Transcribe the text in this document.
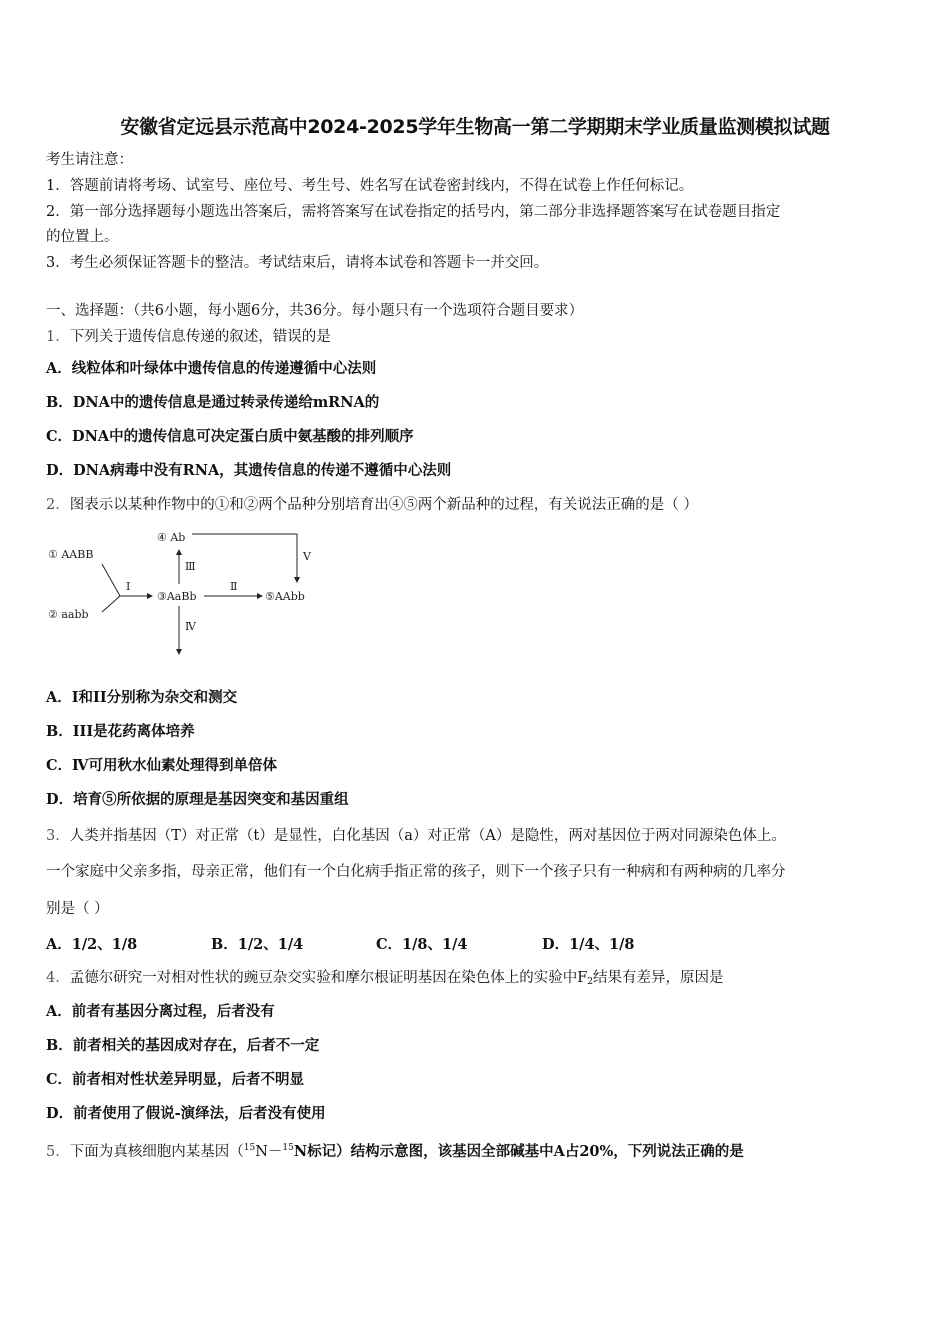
安徽省定远县示范高中2024-2025学年生物高一第二学期期末学业质量监测模拟试题
考生请注意：
1．答题前请将考场、试室号、座位号、考生号、姓名写在试卷密封线内，不得在试卷上作任何标记。
2．第一部分选择题每小题选出答案后，需将答案写在试卷指定的括号内，第二部分非选择题答案写在试卷题目指定
的位置上。
3．考生必须保证答题卡的整洁。考试结束后，请将本试卷和答题卡一并交回。
一、选择题：（共6小题，每小题6分，共36分。每小题只有一个选项符合题目要求）
1．下列关于遗传信息传递的叙述，错误的是
A．线粒体和叶绿体中遗传信息的传递遵循中心法则
B．DNA中的遗传信息是通过转录传递给mRNA的
C．DNA中的遗传信息可决定蛋白质中氨基酸的排列顺序
D．DNA病毒中没有RNA，其遗传信息的传递不遵循中心法则
2．图表示以某种作物中的①和②两个品种分别培育出④⑤两个新品种的过程，有关说法正确的是（ ）
① AABB
② aabb
I
③AaBb
④ Ab
Ⅲ
Ⅱ
⑤AAbb
V
Ⅳ
A．I和II分别称为杂交和测交
B．III是花药离体培养
C．Ⅳ可用秋水仙素处理得到单倍体
D．培育⑤所依据的原理是基因突变和基因重组
3．人类并指基因（T）对正常（t）是显性，白化基因（a）对正常（A）是隐性，两对基因位于两对同源染色体上。
一个家庭中父亲多指，母亲正常，他们有一个白化病手指正常的孩子，则下一个孩子只有一种病和有两种病的几率分
别是（ ）
A．1/2、1/8	B．1/2、1/4	C．1/8、1/4	D．1/4、1/8
4．孟德尔研究一对相对性状的豌豆杂交实验和摩尔根证明基因在染色体上的实验中$F_2$结果有差异，原因是
A．前者有基因分离过程，后者没有
B．前者相关的基因成对存在，后者不一定
C．前者相对性状差异明显，后者不明显
D．前者使用了假说-演绎法，后者没有使用
5．下面为真核细胞内某基因（$^{15}$N－$^{15}$N标记）结构示意图，该基因全部碱基中A占20%，下列说法正确的是
